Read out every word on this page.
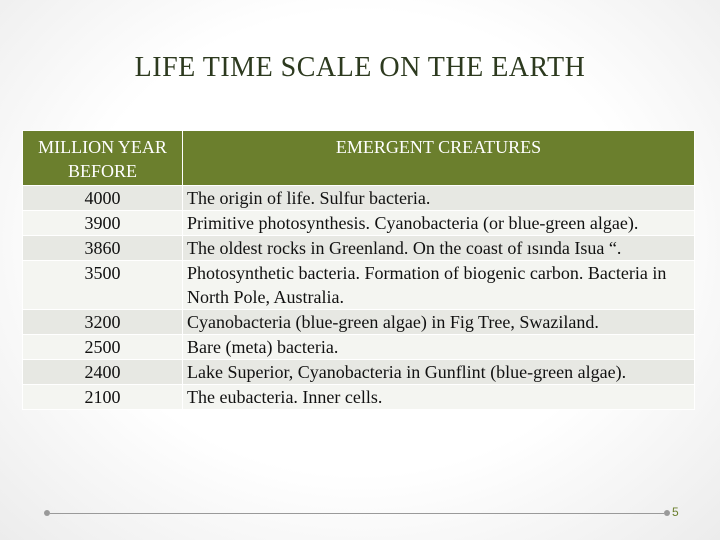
LIFE TIME SCALE ON THE EARTH
MILLION YEAR BEFORE	EMERGENT CREATURES
4000	The origin of life. Sulfur bacteria.
3900	Primitive photosynthesis. Cyanobacteria (or blue-green algae).
3860	The oldest rocks in Greenland. On the coast of ısında Isua “.
3500	Photosynthetic bacteria. Formation of biogenic carbon. Bacteria in North Pole, Australia.
3200	Cyanobacteria (blue-green algae) in Fig Tree, Swaziland.
2500	Bare (meta) bacteria.
2400	Lake Superior, Cyanobacteria in Gunflint (blue-green algae).
2100	The eubacteria. Inner cells.
5
